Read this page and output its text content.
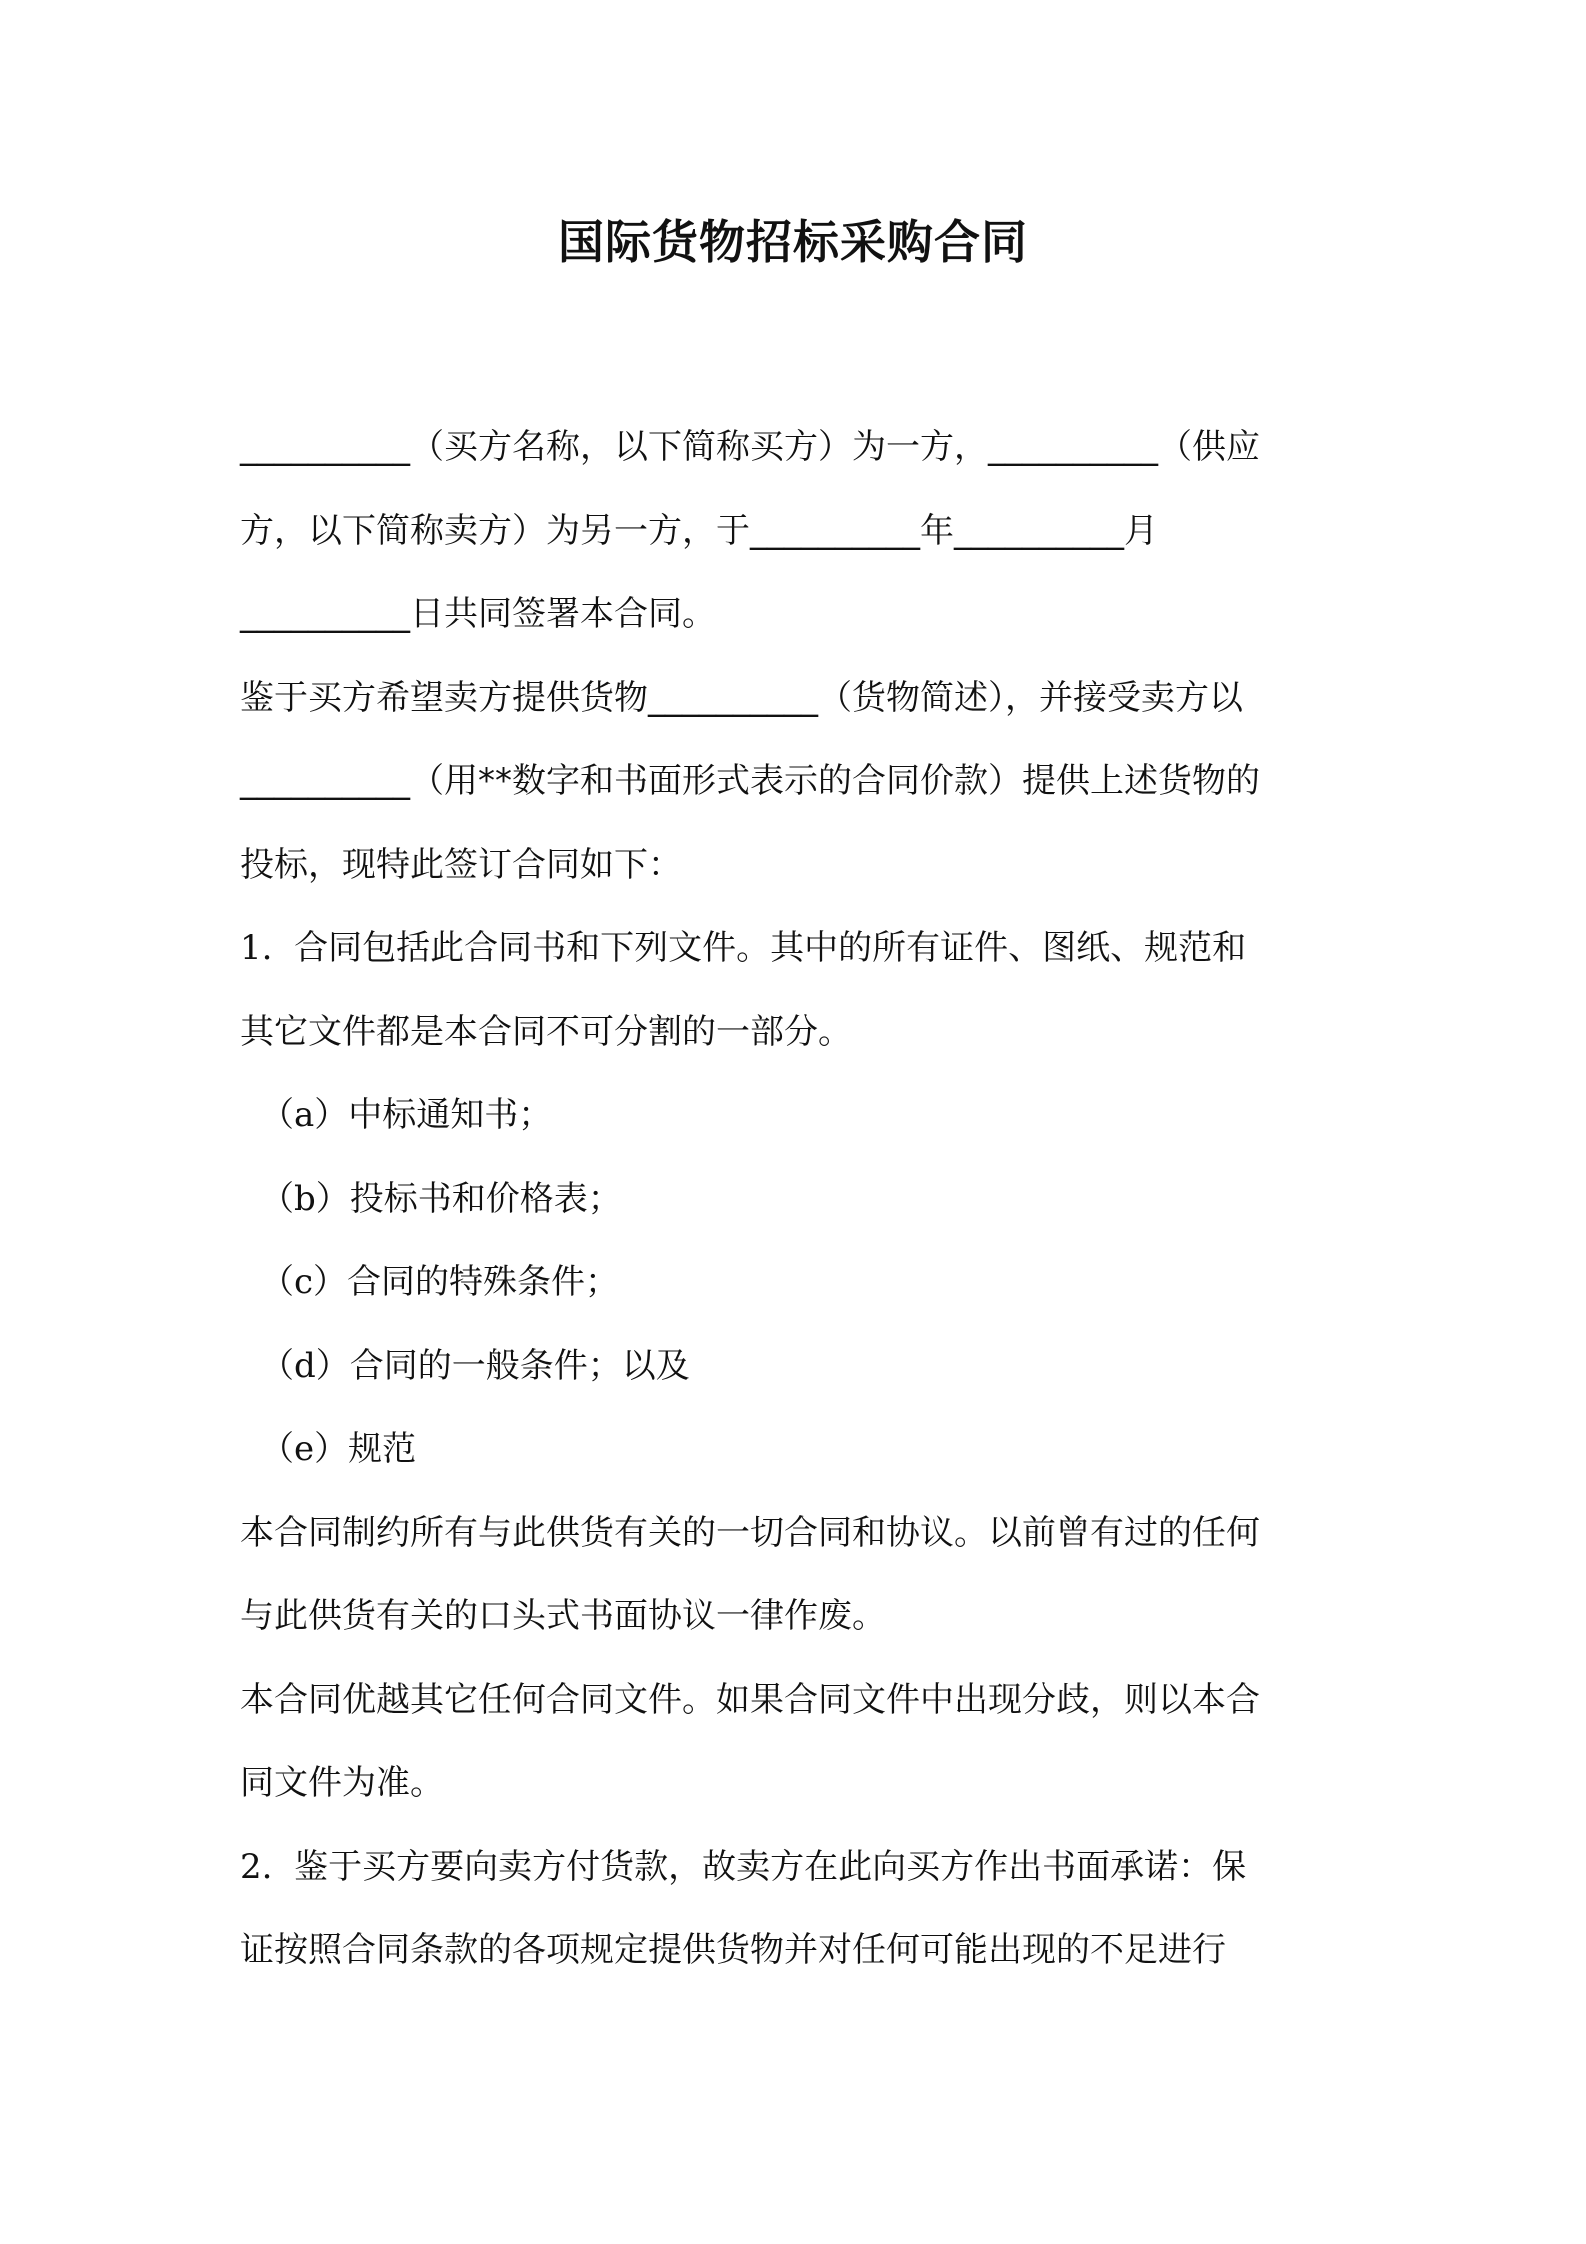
国际货物招标采购合同

__________（买方名称，以下简称买方）为一方，__________（供应
方，以下简称卖方）为另一方，于__________年__________月
__________日共同签署本合同。

鉴于买方希望卖方提供货物__________（货物简述），并接受卖方以
__________（用**数字和书面形式表示的合同价款）提供上述货物的
投标，现特此签订合同如下：

1. 合同包括此合同书和下列文件。其中的所有证件、图纸、规范和
其它文件都是本合同不可分割的一部分。
（a）中标通知书；
（b）投标书和价格表；
（c）合同的特殊条件；
（d）合同的一般条件；以及
（e）规范

本合同制约所有与此供货有关的一切合同和协议。以前曾有过的任何
与此供货有关的口头式书面协议一律作废。

本合同优越其它任何合同文件。如果合同文件中出现分歧，则以本合
同文件为准。

2. 鉴于买方要向卖方付货款，故卖方在此向买方作出书面承诺：保
证按照合同条款的各项规定提供货物并对任何可能出现的不足进行
